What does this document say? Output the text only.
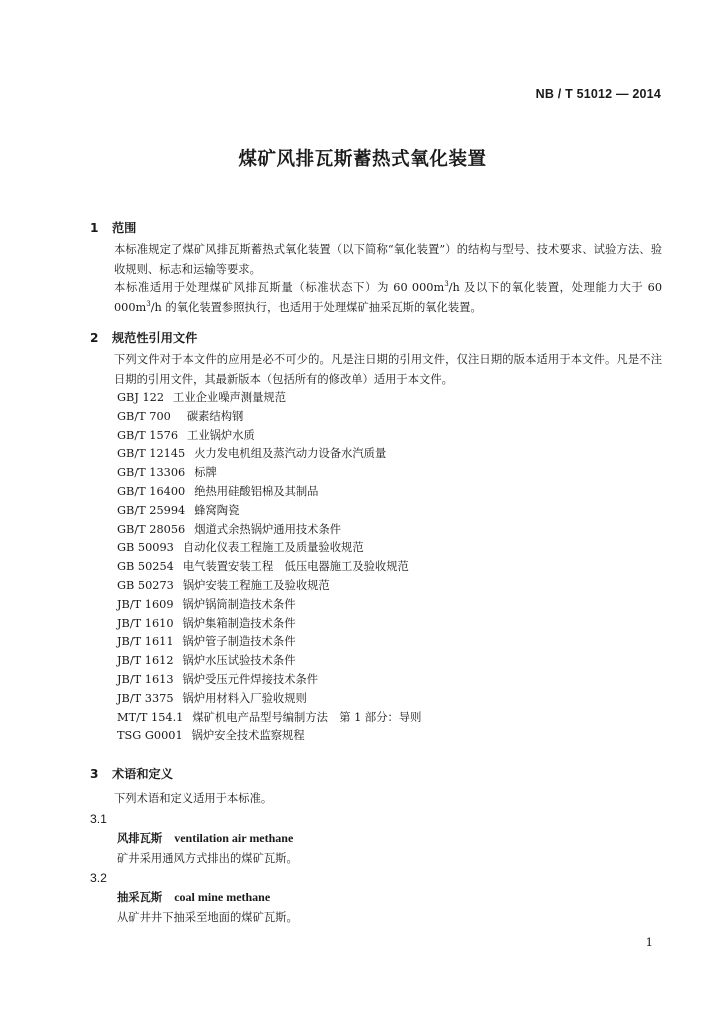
NB / T 51012 — 2014
煤矿风排瓦斯蓄热式氧化装置
1 范围
本标准规定了煤矿风排瓦斯蓄热式氧化装置（以下简称“氧化装置”）的结构与型号、技术要求、试验方法、验收规则、标志和运输等要求。
本标准适用于处理煤矿风排瓦斯量（标准状态下）为 60 $000m^3/h$ 及以下的氧化装置，处理能力大于 60 $000m^3/h$ 的氧化装置参照执行，也适用于处理煤矿抽采瓦斯的氧化装置。
2 规范性引用文件
下列文件对于本文件的应用是必不可少的。凡是注日期的引用文件，仅注日期的版本适用于本文件。凡是不注日期的引用文件，其最新版本（包括所有的修改单）适用于本文件。
GBJ 122 工业企业噪声测量规范
GB/T 700 碳素结构钢
GB/T 1576 工业锅炉水质
GB/T 12145 火力发电机组及蒸汽动力设备水汽质量
GB/T 13306 标牌
GB/T 16400 绝热用硅酸铝棉及其制品
GB/T 25994 蜂窝陶瓷
GB/T 28056 烟道式余热锅炉通用技术条件
GB 50093 自动化仪表工程施工及质量验收规范
GB 50254 电气装置安装工程　低压电器施工及验收规范
GB 50273 锅炉安装工程施工及验收规范
JB/T 1609 锅炉锅筒制造技术条件
JB/T 1610 锅炉集箱制造技术条件
JB/T 1611 锅炉管子制造技术条件
JB/T 1612 锅炉水压试验技术条件
JB/T 1613 锅炉受压元件焊接技术条件
JB/T 3375 锅炉用材料入厂验收规则
MT/T 154.1 煤矿机电产品型号编制方法　第 1 部分：导则
TSG G0001 锅炉安全技术监察规程
3 术语和定义
下列术语和定义适用于本标准。
3.1
风排瓦斯 ventilation air methane
矿井采用通风方式排出的煤矿瓦斯。
3.2
抽采瓦斯 coal mine methane
从矿井井下抽采至地面的煤矿瓦斯。
1
